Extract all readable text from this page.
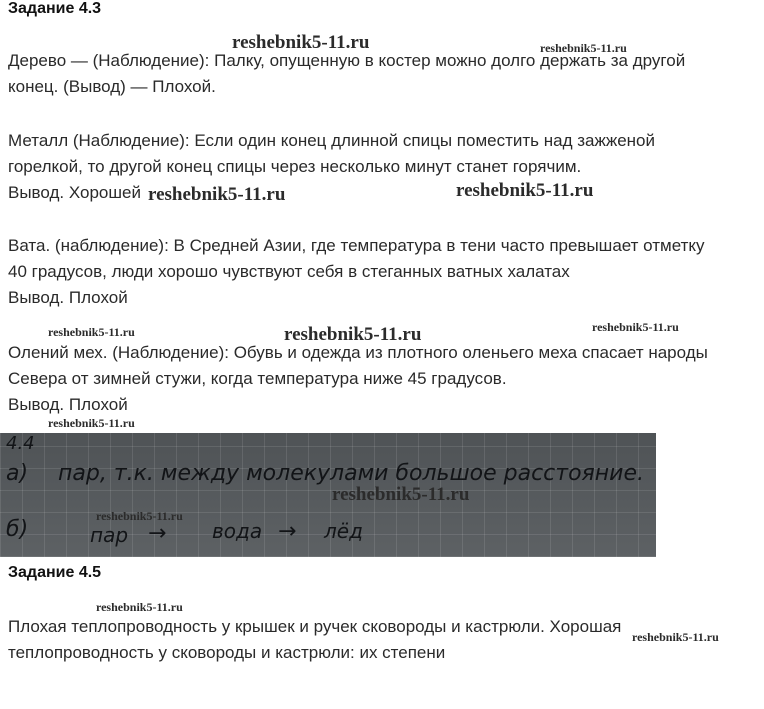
Задание 4.3
Дерево — (Наблюдение): Палку, опущенную в костер можно долго держать за другой
конец. (Вывод) — Плохой.
Металл (Наблюдение): Если один конец длинной спицы поместить над зажженой
горелкой, то другой конец спицы через несколько минут станет горячим.
Вывод. Хорошей
Вата. (наблюдение): В Средней Азии, где температура в тени часто превышает отметку
40 градусов, люди хорошо чувствуют себя в стеганных ватных халатах
Вывод. Плохой
Олений мех. (Наблюдение): Обувь и одежда из плотного оленьего меха спасает народы
Севера от зимней стужи, когда температура ниже 45 градусов.
Вывод. Плохой
4.4
а) пар, т.к. между молекулами большое расстояние.
б)	пар → вода → лёд
Задание 4.5
Плохая теплопроводность у крышек и ручек сковороды и кастрюли. Хорошая
теплопроводность у сковороды и кастрюли: их степени
reshebnik5-11.ru	reshebnik5-11.ru
reshebnik5-11.ru	reshebnik5-11.ru
reshebnik5-11.ru	reshebnik5-11.ru	reshebnik5-11.ru
reshebnik5-11.ru
reshebnik5-11.ru
reshebnik5-11.ru
reshebnik5-11.ru
reshebnik5-11.ru
